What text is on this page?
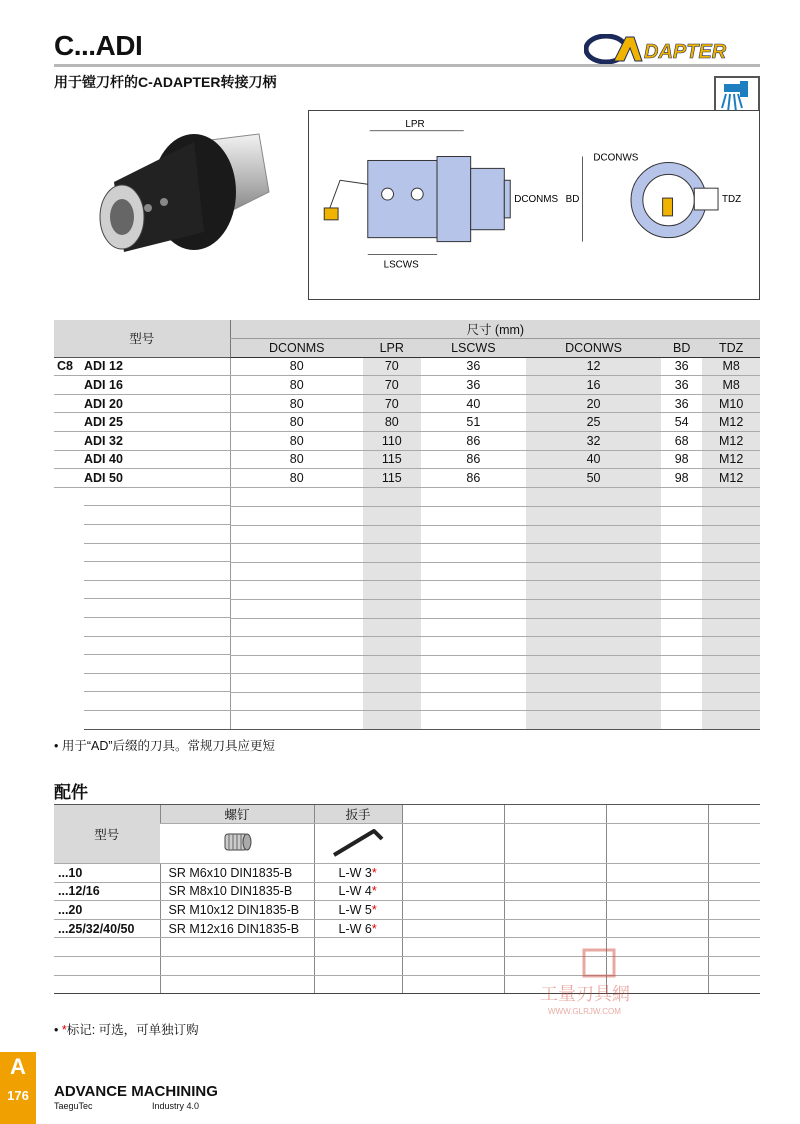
C...ADI
用于镗刀杆的C-ADAPTER转接刀柄
DAPTER
LPR
LSCWS
DCONMS BD
DCONWS
TDZ
型号	尺寸 (mm)					
	DCONMS	LPR	LSCWS	DCONWS	BD	TDZ

C8 ADI 12	80	70	36	12	36	M8
ADI 16	80	70	36	16	36	M8
ADI 20	80	70	40	20	36	M10
ADI 25	80	80	51	25	54	M12
ADI 32	80	110	86	32	68	M12
ADI 40	80	115	86	40	98	M12
ADI 50	80	115	86	50	98	M12

• 用于“AD”后缀的刀具。常规刀具应更短
配件
型号	螺钉	扳手				

...10	SR M6x10 DIN1835-B	L-W 3*				
...12/16	SR M8x10 DIN1835-B	L-W 4*				
...20	SR M10x12 DIN1835-B	L-W 5*				
...25/32/40/50	SR M12x16 DIN1835-B	L-W 6*				

• *标记: 可选，可单独订购
工量刃具網
WWW.GLRJW.COM
A
176	ADVANCE MACHINING
TaeguTec	Industry 4.0
